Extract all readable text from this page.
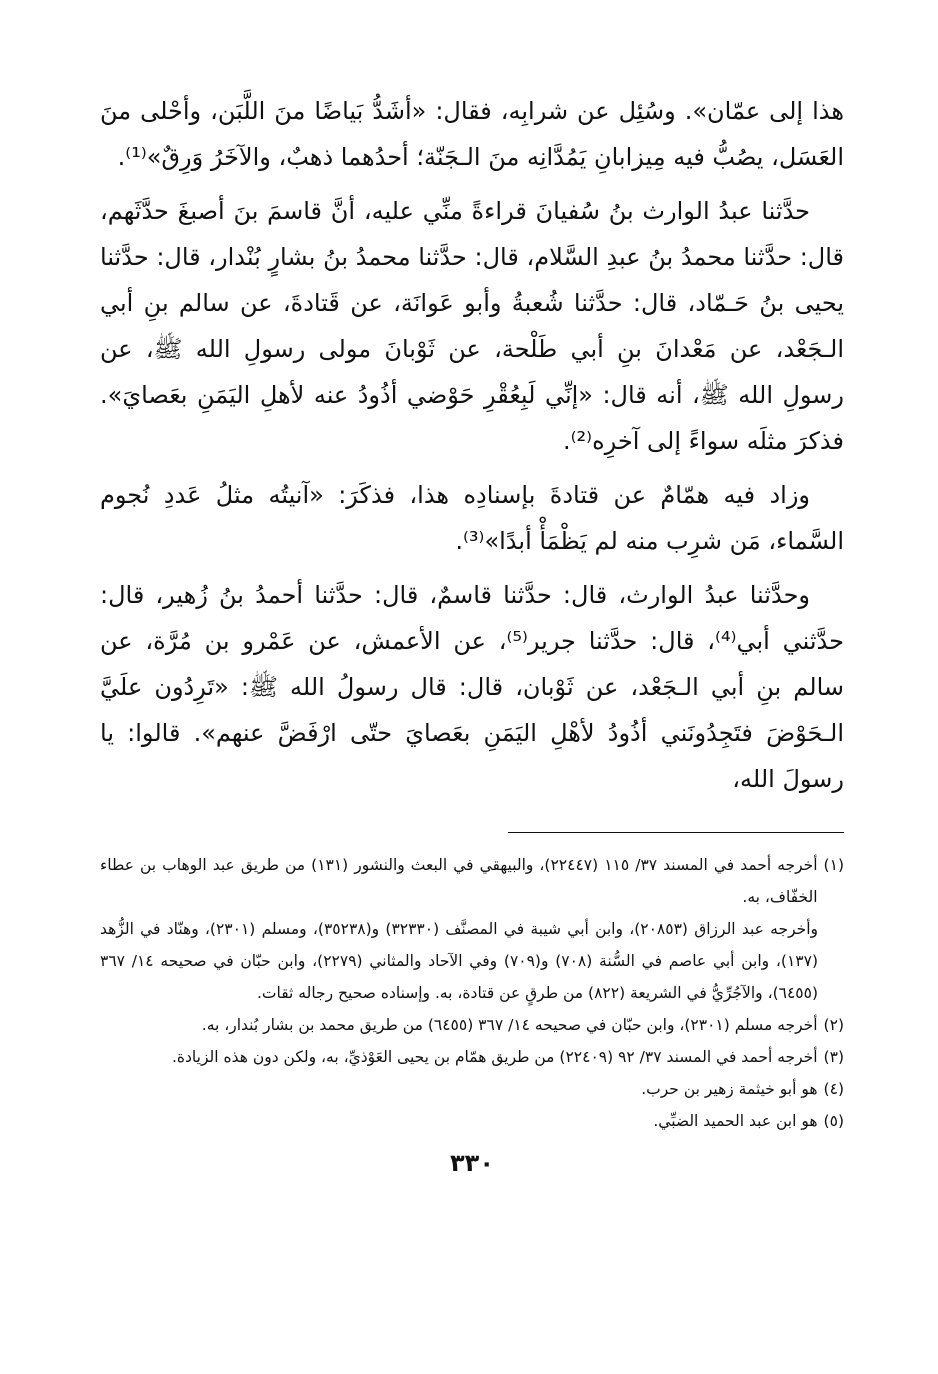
هذا إلى عمّان». وسُئِل عن شرابِه، فقال: «أشَدُّ بَياضًا منَ اللَّبَن، وأحْلى منَ العَسَل، يصُبُّ فيه مِيزابانِ يَمُدَّانِه منَ الـجَنّة؛ أحدُهما ذهبٌ، والآخَرُ وَرِقٌ»⁽¹⁾.

حدَّثنا عبدُ الوارث بنُ سُفيانَ قراءةً منِّي عليه، أنَّ قاسمَ بنَ أصبغَ حدَّثَهم، قال: حدَّثنا محمدُ بنُ عبدِ السَّلام، قال: حدَّثنا محمدُ بنُ بشارٍ بُنْدار، قال: حدَّثنا يحيى بنُ حَـمّاد، قال: حدَّثنا شُعبةُ وأبو عَوانَة، عن قَتادةَ، عن سالم بنِ أبي الـجَعْد، عن مَعْدانَ بنِ أبي طَلْحة، عن ثَوْبانَ مولى رسولِ الله ﷺ، عن رسولِ الله ﷺ، أنه قال: «إنِّي لَبِعُقْرِ حَوْضي أذُودُ عنه لأهلِ اليَمَنِ بعَصايَ». فذكرَ مثلَه سواءً إلى آخرِه⁽²⁾.

وزاد فيه همّامٌ عن قتادةَ بإسنادِه هذا، فذكَرَ: «آنيتُه مثلُ عَددِ نُجوم السَّماء، مَن شرِب منه لم يَظْمَأْ أبدًا»⁽³⁾.

وحدَّثنا عبدُ الوارث، قال: حدَّثنا قاسمٌ، قال: حدَّثنا أحمدُ بنُ زُهير، قال: حدَّثني أبي⁽⁴⁾، قال: حدَّثنا جرير⁽⁵⁾، عن الأعمش، عن عَمْرو بن مُرَّة، عن سالم بنِ أبي الـجَعْد، عن ثَوْبان، قال: قال رسولُ الله ﷺ: «تَرِدُون علَيَّ الـحَوْضَ فتَجِدُونَني أذُودُ لأهْلِ اليَمَنِ بعَصايَ حتّى ارْفَضَّ عنهم». قالوا: يا رسولَ الله،

(١)
أخرجه أحمد في المسند ٣٧/ ١١٥ (٢٢٤٤٧)، والبيهقي في البعث والنشور (١٣١) من طريق عبد الوهاب بن عطاء الخفّاف، به.
وأخرجه عبد الرزاق (٢٠٨٥٣)، وابن أبي شيبة في المصنَّف (٣٢٣٣٠) و(٣٥٢٣٨)، ومسلم (٢٣٠١)، وهنّاد في الزُّهد (١٣٧)، وابن أبي عاصم في السُّنة (٧٠٨) و(٧٠٩) وفي الآحاد والمثاني (٢٢٧٩)، وابن حبّان في صحيحه ١٤/ ٣٦٧ (٦٤٥٥)، والآجُرِّيُّ في الشريعة (٨٢٢) من طرقٍ عن قتادة، به. وإسناده صحيح رجاله ثقات.
(٢)
أخرجه مسلم (٢٣٠١)، وابن حبّان في صحيحه ١٤/ ٣٦٧ (٦٤٥٥) من طريق محمد بن بشار بُندار، به.
(٣)
أخرجه أحمد في المسند ٣٧/ ٩٢ (٢٢٤٠٩) من طريق همّام بن يحيى العَوْذيِّ، به، ولكن دون هذه الزيادة.
(٤)
هو أبو خيثمة زهير بن حرب.
(٥)
هو ابن عبد الحميد الضبِّي.
٣٣٠
